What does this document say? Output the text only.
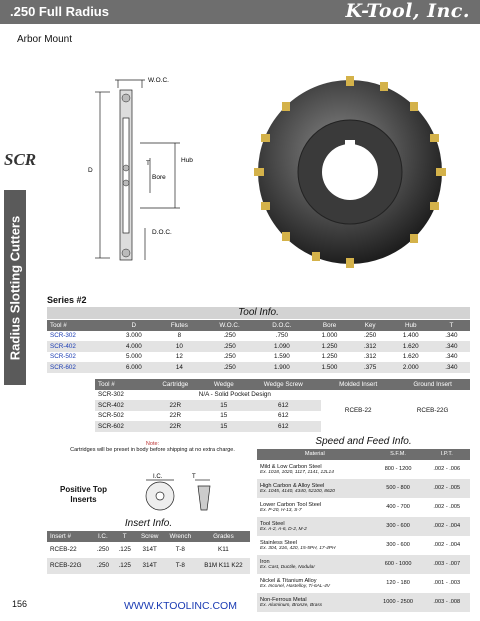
.250 Full Radius	K-Tool, Inc.
Arbor Mount
SCR
Radius Slotting Cutters
W.O.C.
T	Hub
Bore
D
D.O.C.
Series #2
Tool Info.
Tool #	D	Flutes	W.O.C.	D.O.C.	Bore	Key	Hub	T
SCR-302	3.000	8	.250	.750	1.000	.250	1.400	.340
SCR-402	4.000	10	.250	1.090	1.250	.312	1.620	.340
SCR-502	5.000	12	.250	1.590	1.250	.312	1.620	.340
SCR-602	6.000	14	.250	1.900	1.500	.375	2.000	.340
Tool #	Cartridge	Wedge	Wedge Screw	Molded Insert	Ground Insert
SCR-302	N/A - Solid Pocket Design			RCEB-22	RCEB-22G
SCR-402	22R	15	612		
SCR-502	22R	15	612		
SCR-602	22R	15	612		
Note:
Cartridges will be preset in body before shipping at no extra charge.
Positive Top
Inserts
I.C.	T
Insert Info.
Insert #	I.C.	T	Screw	Wrench	Grades
RCEB-22	.250	.125	314T	T-8	K11
RCEB-22G	.250	.125	314T	T-8	B1M K11 K22
Speed and Feed Info.
Material	S.F.M.	I.P.T.
Mild & Low Carbon Steel
Ex. 1018, 1020, 1117, 1141, 12L14	800 - 1200	.002 - .006
High Carbon & Alloy Steel
Ex. 1045, 4140, 4340, 52100, 8620	500 - 800	.002 - .005
Lower Carbon Tool Steel
Ex. P-20, H-13, S-7	400 - 700	.002 - .005
Tool Steel
Ex. A-2, A-6, D-2, M-2	300 - 600	.002 - .004
Stainless Steel
Ex. 304, 316, 420, 15-5PH, 17-4PH	300 - 600	.002 - .004
Iron
Ex. Cast, Ductile, Nodular	600 - 1000	.003 - .007
Nickel & Titanium Alloy
Ex. Inconel, Hastelloy, Ti-6AL-4V	120 - 180	.001 - .003
Non-Ferrous Metal
Ex. Aluminum, Bronze, Brass	1000 - 2500	.003 - .008
156	WWW.KTOOLINC.COM
